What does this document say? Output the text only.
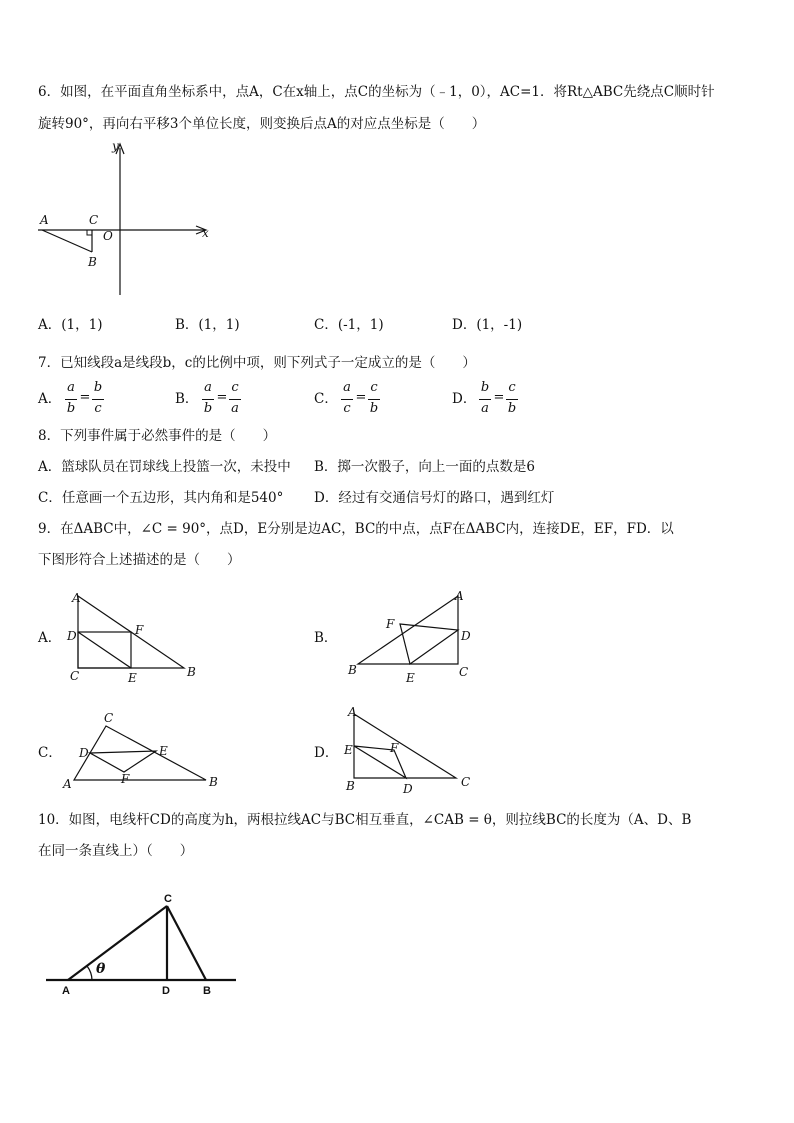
6．如图，在平面直角坐标系中，点A，C在x轴上，点C的坐标为（﹣1，0），AC=1．将Rt△ABC先绕点C顺时针
旋转90°，再向右平移3个单位长度，则变换后点A的对应点坐标是（　　）
y
x
A	C
O
B
A．(1，1)	B．(1，1)	C．(-1，1)	D．(1，-1)
7．已知线段a是线段b，c的比例中项，则下列式子一定成立的是（　　）
A．
a
b
=
b
c
B．
a
b
=
c
a
C．
a
c
=
c
b
D．
b
a
=
c
b
8．下列事件属于必然事件的是（　　）
A．篮球队员在罚球线上投篮一次，未投中 B．掷一次骰子，向上一面的点数是6
C．任意画一个五边形，其内角和是540° D．经过有交通信号灯的路口，遇到红灯
9．在ΔABC中，∠C = 90°，点D，E分别是边AC，BC的中点，点F在ΔABC内，连接DE，EF，FD．以
下图形符合上述描述的是（　　）
A．
A
D	F
C	E	B
B．
A
F
D
B
E	C
C．
C
D	E
F
A	B
D．
A
E	F
B	D	C
10．如图，电线杆CD的高度为h，两根拉线AC与BC相互垂直，∠CAB = θ，则拉线BC的长度为（A、D、B
在同一条直线上）（　　）
C
θ
A	D	B
